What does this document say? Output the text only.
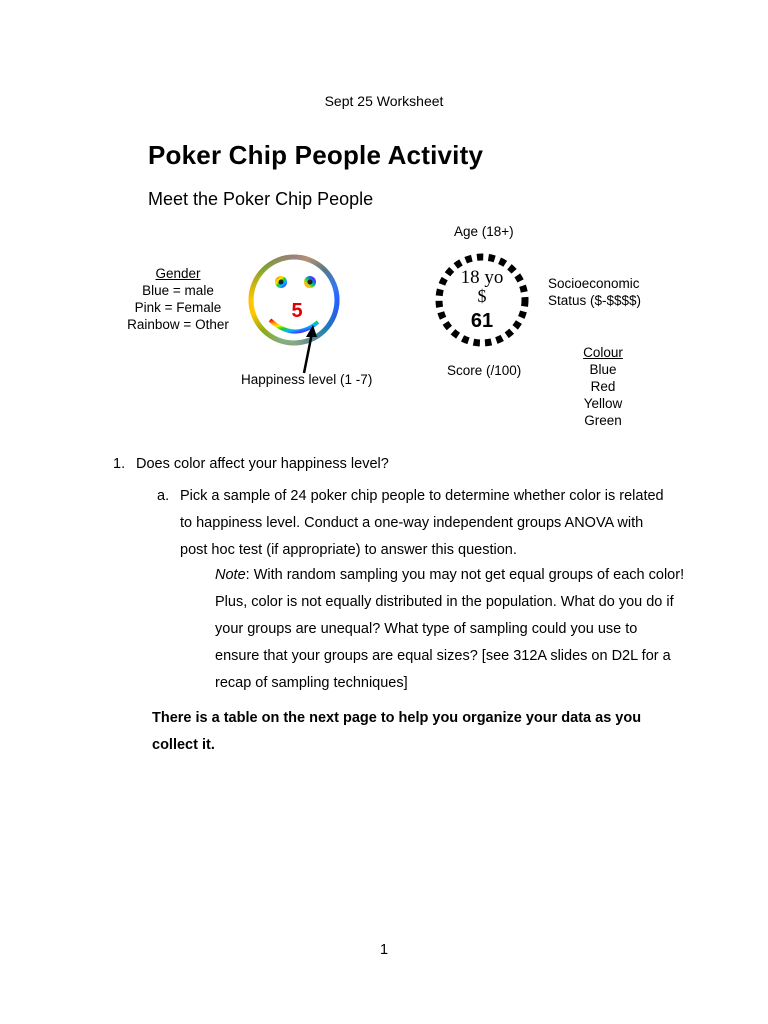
Sept 25 Worksheet
Poker Chip People Activity
Meet the Poker Chip People
Gender
Blue = male
Pink = Female
Rainbow = Other
5
Happiness level (1 -7)
Age (18+)
18 yo
$
61
Score (/100)
Socioeconomic
Status ($-$$$$)
Colour
Blue
Red
Yellow
Green
1. Does color affect your happiness level?
a. Pick a sample of 24 poker chip people to determine whether color is related to happiness level. Conduct a one-way independent groups ANOVA with post hoc test (if appropriate) to answer this question.
Note: With random sampling you may not get equal groups of each color! Plus, color is not equally distributed in the population. What do you do if your groups are unequal? What type of sampling could you use to ensure that your groups are equal sizes? [see 312A slides on D2L for a recap of sampling techniques]
There is a table on the next page to help you organize your data as you collect it.
1
